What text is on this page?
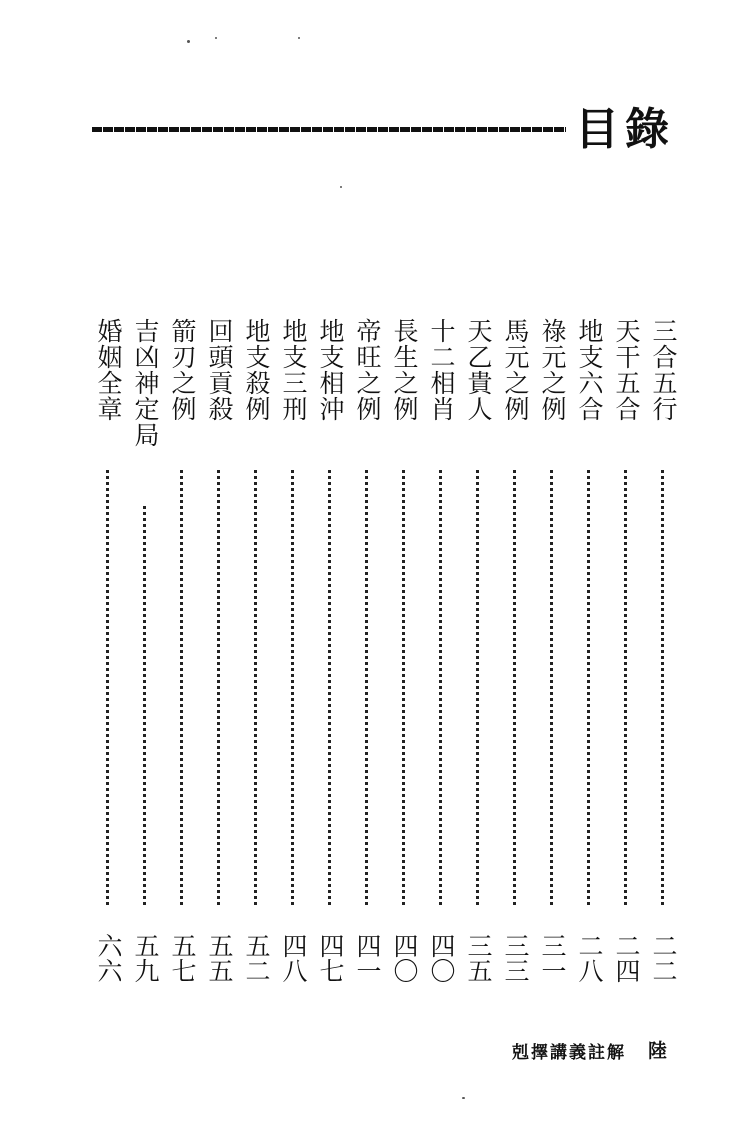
目錄
三合五行
二二
天干五合
二四
地支六合
二八
祿元之例
三一
馬元之例
三三
天乙貴人
三五
十二相肖
四〇
長生之例
四〇
帝旺之例
四一
地支相沖
四七
地支三刑
四八
地支殺例
五二
回頭貢殺
五五
箭刃之例
五七
吉凶神定局
五九
婚姻全章
六六
剋擇講義註解 陸
